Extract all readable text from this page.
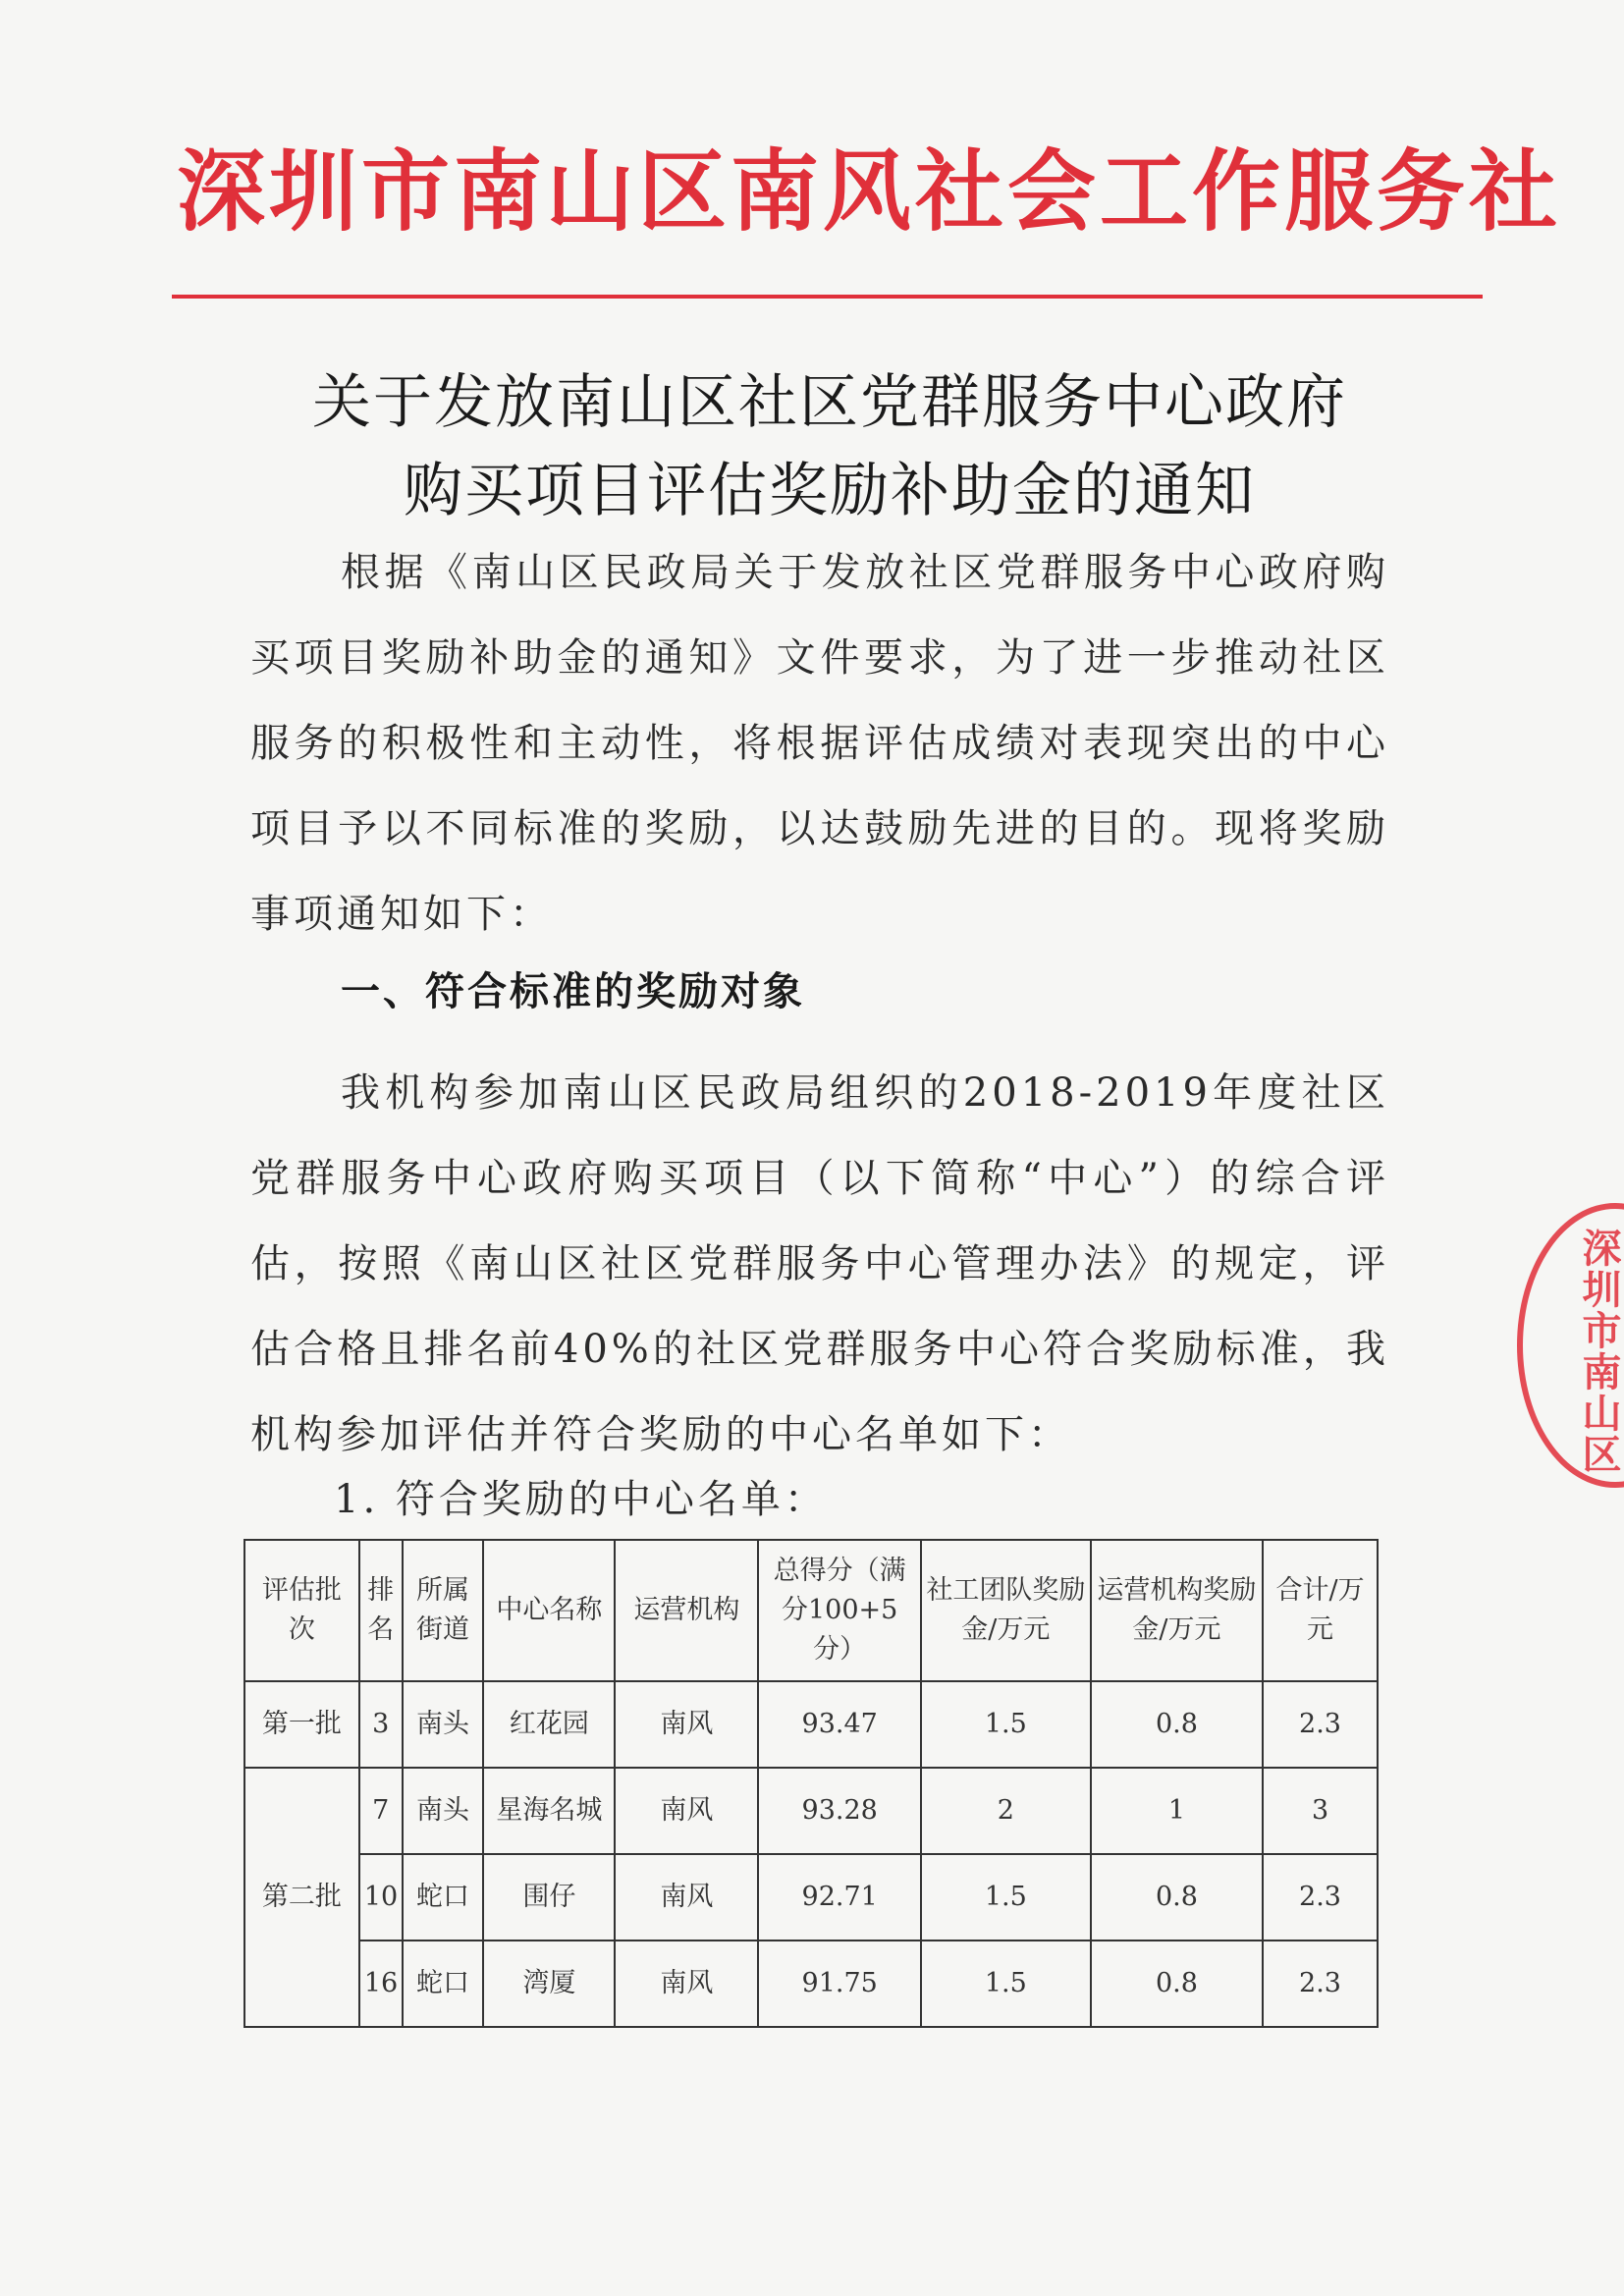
深圳市南山区南风社会工作服务社
关于发放南山区社区党群服务中心政府
购买项目评估奖励补助金的通知

根据《南山区民政局关于发放社区党群服务中心政府购买项目奖励补助金的通知》文件要求，为了进一步推动社区服务的积极性和主动性，将根据评估成绩对表现突出的中心项目予以不同标准的奖励，以达鼓励先进的目的。现将奖励事项通知如下：

一、符合标准的奖励对象

我机构参加南山区民政局组织的2018-2019年度社区党群服务中心政府购买项目（以下简称“中心”）的综合评估，按照《南山区社区党群服务中心管理办法》的规定，评估合格且排名前40%的社区党群服务中心符合奖励标准，我机构参加评估并符合奖励的中心名单如下：

1. 符合奖励的中心名单：
评估批次	排名	所属街道	中心名称	运营机构	总得分（满分100+5分）	社工团队奖励金/万元	运营机构奖励金/万元	合计/万元
第一批	3	南头	红花园	南风	93.47	1.5	0.8	2.3
第二批	7	南头	星海名城	南风	93.28	2	1	3
	10	蛇口	围仔	南风	92.71	1.5	0.8	2.3
	16	蛇口	湾厦	南风	91.75	1.5	0.8	2.3
深圳市南山区
